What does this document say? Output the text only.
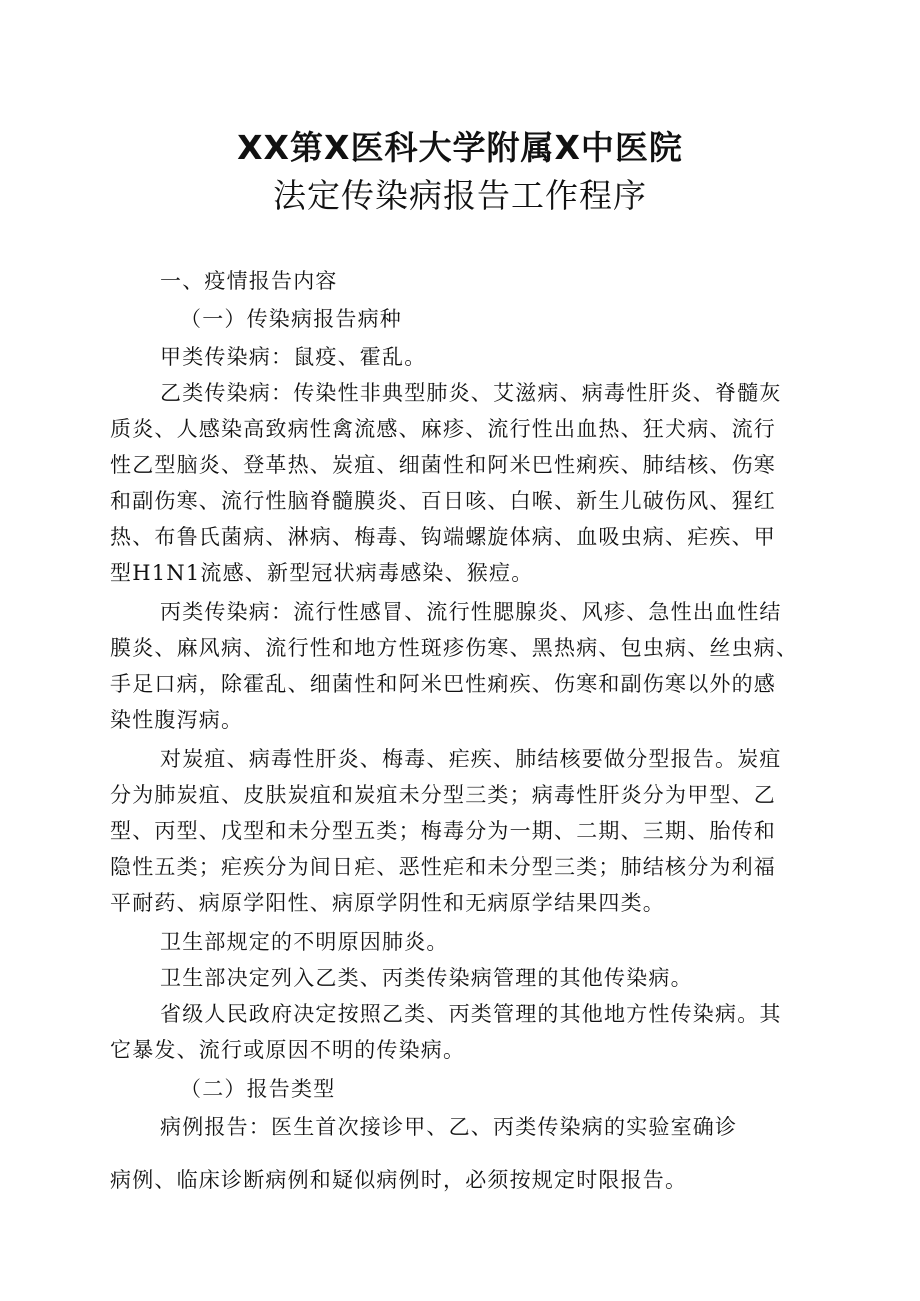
XX第X医科大学附属X中医院
法定传染病报告工作程序
一、疫情报告内容
（一）传染病报告病种
甲类传染病：鼠疫、霍乱。
乙类传染病：传染性非典型肺炎、艾滋病、病毒性肝炎、脊髓灰
质炎、人感染高致病性禽流感、麻疹、流行性出血热、狂犬病、流行
性乙型脑炎、登革热、炭疽、细菌性和阿米巴性痢疾、肺结核、伤寒
和副伤寒、流行性脑脊髓膜炎、百日咳、白喉、新生儿破伤风、猩红
热、布鲁氏菌病、淋病、梅毒、钩端螺旋体病、血吸虫病、疟疾、甲
型H1N1流感、新型冠状病毒感染、猴痘。
丙类传染病：流行性感冒、流行性腮腺炎、风疹、急性出血性结
膜炎、麻风病、流行性和地方性斑疹伤寒、黑热病、包虫病、丝虫病、
手足口病，除霍乱、细菌性和阿米巴性痢疾、伤寒和副伤寒以外的感
染性腹泻病。
对炭疽、病毒性肝炎、梅毒、疟疾、肺结核要做分型报告。炭疽
分为肺炭疽、皮肤炭疽和炭疽未分型三类；病毒性肝炎分为甲型、乙
型、丙型、戊型和未分型五类；梅毒分为一期、二期、三期、胎传和
隐性五类；疟疾分为间日疟、恶性疟和未分型三类；肺结核分为利福
平耐药、病原学阳性、病原学阴性和无病原学结果四类。
卫生部规定的不明原因肺炎。
卫生部决定列入乙类、丙类传染病管理的其他传染病。
省级人民政府决定按照乙类、丙类管理的其他地方性传染病。其
它暴发、流行或原因不明的传染病。
（二）报告类型
病例报告：医生首次接诊甲、乙、丙类传染病的实验室确诊
病例、临床诊断病例和疑似病例时，必须按规定时限报告。
